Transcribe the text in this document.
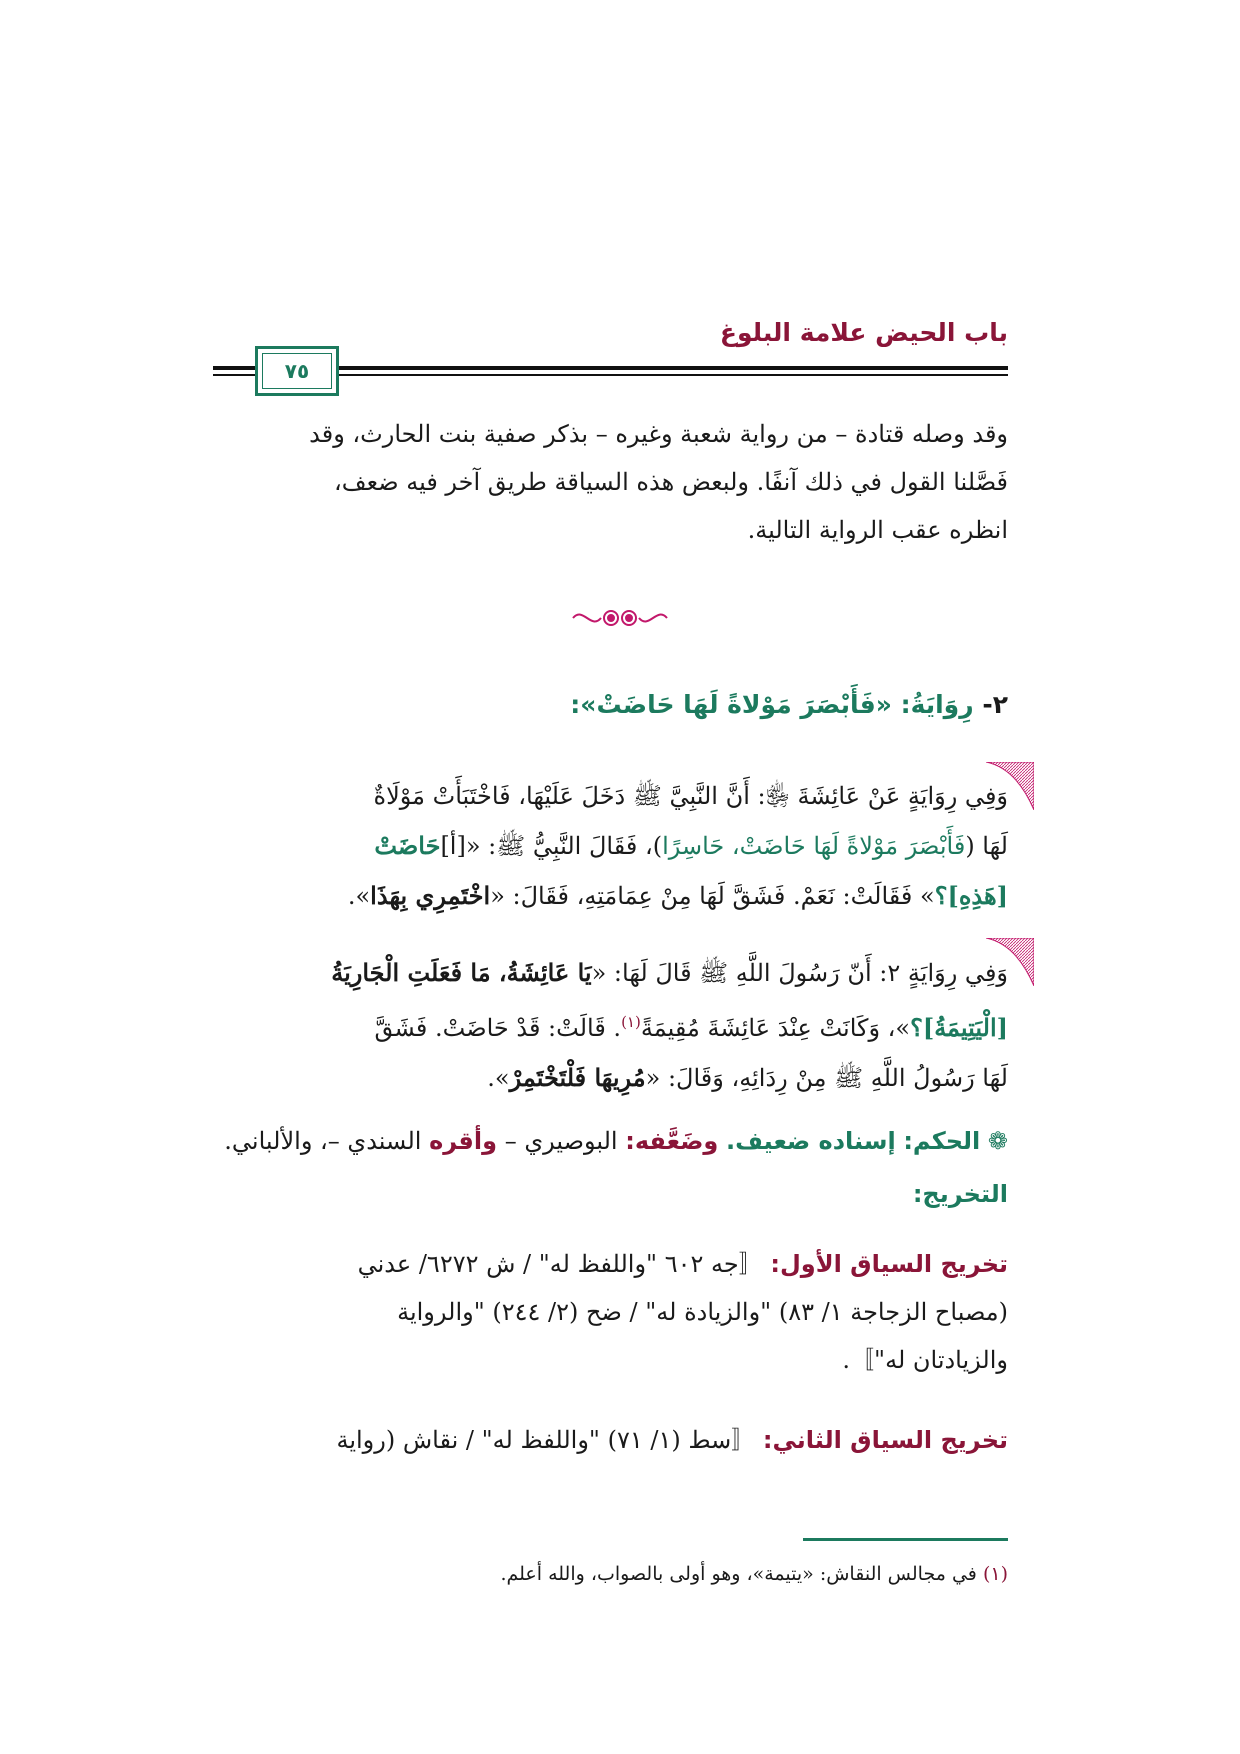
باب الحيض علامة البلوغ
٧٥
وقد وصله قتادة – من رواية شعبة وغيره – بذكر صفية بنت الحارث، وقد
فَصَّلنا القول في ذلك آنفًا. ولبعض هذه السياقة طريق آخر فيه ضعف،
انظره عقب الرواية التالية.
٢- رِوَايَةُ: «فَأَبْصَرَ مَوْلاةً لَهَا حَاضَتْ»:
وَفِي رِوَايَةٍ عَنْ عَائِشَةَ ﵂: أَنَّ النَّبِيَّ ﷺ دَخَلَ عَلَيْهَا، فَاخْتَبَأَتْ مَوْلَاةٌ
لَهَا (فَأَبْصَرَ مَوْلاةً لَهَا حَاضَتْ، حَاسِرًا)، فَقَالَ النَّبِيُّ ﷺ: «[أ]حَاضَتْ
[هَذِهِ]؟» فَقَالَتْ: نَعَمْ. فَشَقَّ لَهَا مِنْ عِمَامَتِهِ، فَقَالَ: «اخْتَمِرِي بِهَذَا».
وَفِي رِوَايَةٍ ٢: أَنّ رَسُولَ اللَّهِ ﷺ قَالَ لَهَا: «يَا عَائِشَةُ، مَا فَعَلَتِ الْجَارِيَةُ
[الْيَتِيمَةُ]؟»، وَكَانَتْ عِنْدَ عَائِشَةَ مُقِيمَةً$^{(١)}$. قَالَتْ: قَدْ حَاضَتْ. فَشَقَّ
لَهَا رَسُولُ اللَّهِ ﷺ مِنْ رِدَائِهِ، وَقَالَ: «مُرِيهَا فَلْتَخْتَمِرْ».
❁ الحكم: إسناده ضعيف. وضَعَّفه: البوصيري – وأقره السندي –، والألباني.
التخريج:
تخريج السياق الأول: 〚جه ٦٠٢ "واللفظ له" / ش ٦٢٧٢/ عدني
(مصباح الزجاجة ١/ ٨٣) "والزيادة له" / ضح (٢/ ٢٤٤) "والرواية
والزيادتان له"〛.
تخريج السياق الثاني: 〚سط (١/ ٧١) "واللفظ له" / نقاش (رواية
(١) في مجالس النقاش: «يتيمة»، وهو أولى بالصواب، والله أعلم.
